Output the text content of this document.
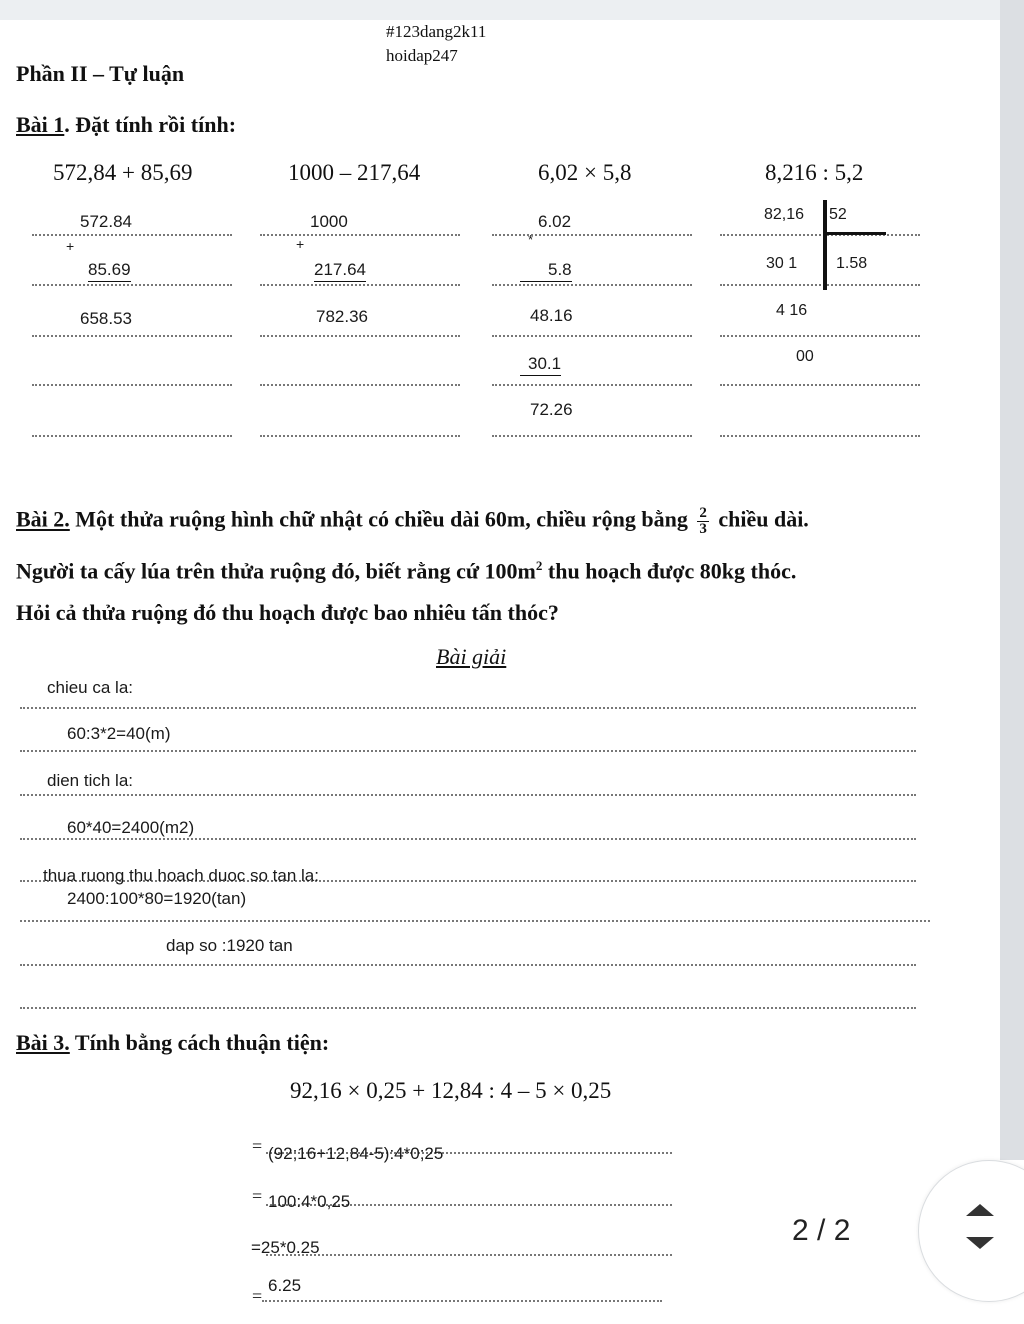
#123dang2k11
hoidap247
Phần II – Tự luận
Bài 1. Đặt tính rồi tính:
572,84 + 85,69	1000 – 217,64	6,02 × 5,8	8,216 : 5,2
572.84
+
85.69
658.53
1000
+
217.64
782.36
6.02
*
5.8
48.16
30.1
72.26
82,16 52
30 1 1.58
4 16
00
Bài 2. Một thửa ruộng hình chữ nhật có chiều dài 60m, chiều rộng bằng $\frac{2}{3}$ chiều dài.
Người ta cấy lúa trên thửa ruộng đó, biết rằng cứ $100m^2$ thu hoạch được 80kg thóc.
Hỏi cả thửa ruộng đó thu hoạch được bao nhiêu tấn thóc?
Bài giải
chieu ca la:
60:3*2=40(m)
dien tich la:
60*40=2400(m2)
thua ruong thu hoach duoc so tan la:
2400:100*80=1920(tan)
dap so :1920 tan
Bài 3. Tính bằng cách thuận tiện:
92,16 × 0,25 + 12,84 : 4 – 5 × 0,25
= (92;16+12,84-5):4*0;25
= 100:4*0,25
=25*0.25
=
6.25
2 / 2
